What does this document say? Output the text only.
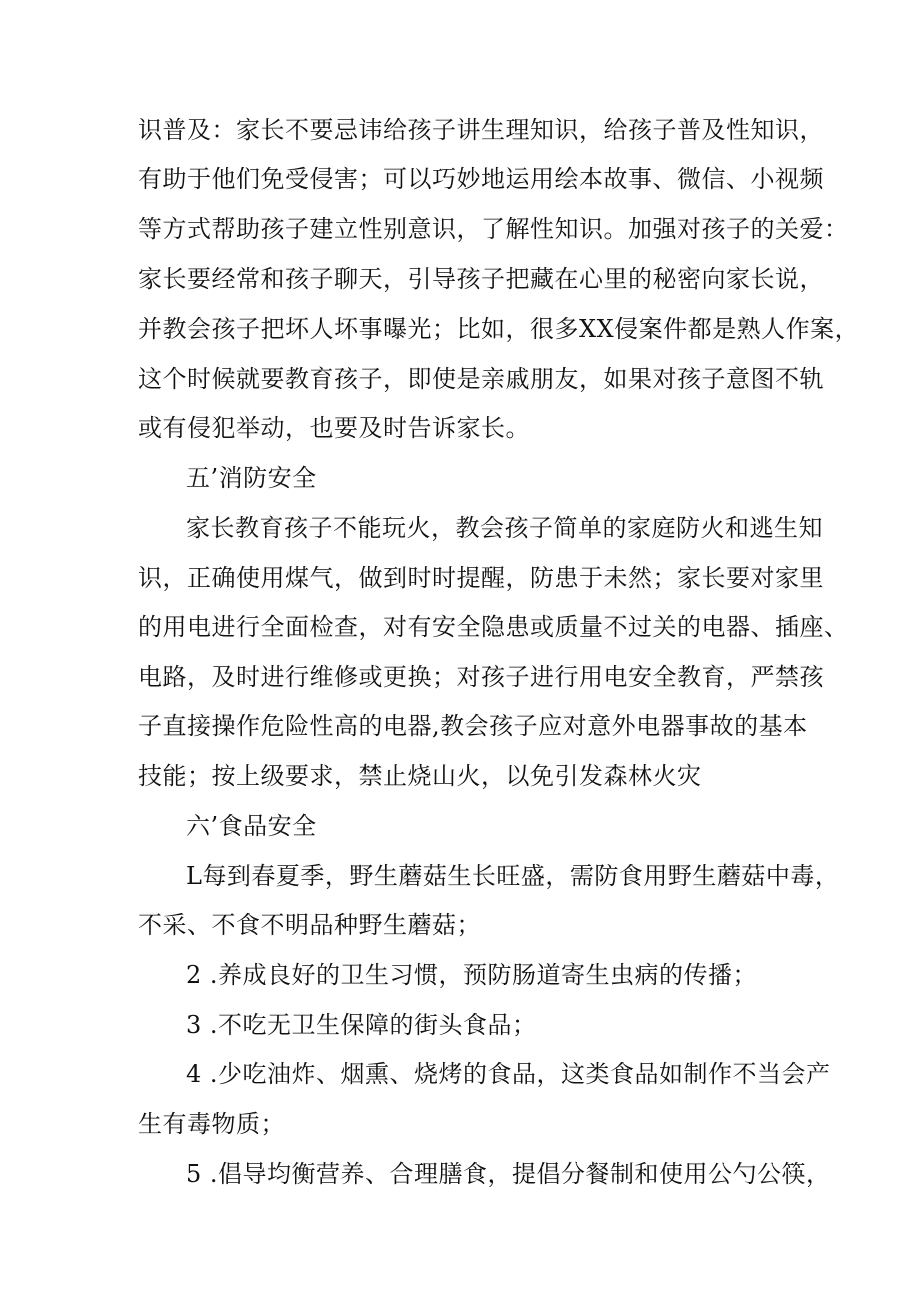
识普及：家长不要忌讳给孩子讲生理知识，给孩子普及性知识，
有助于他们免受侵害；可以巧妙地运用绘本故事、微信、小视频
等方式帮助孩子建立性别意识，了解性知识。加强对孩子的关爱：
家长要经常和孩子聊天，引导孩子把藏在心里的秘密向家长说，
并教会孩子把坏人坏事曝光；比如，很多XX侵案件都是熟人作案，
这个时候就要教育孩子，即使是亲戚朋友，如果对孩子意图不轨
或有侵犯举动，也要及时告诉家长。
五’消防安全
家长教育孩子不能玩火，教会孩子简单的家庭防火和逃生知
识，正确使用煤气，做到时时提醒，防患于未然；家长要对家里
的用电进行全面检查，对有安全隐患或质量不过关的电器、插座、
电路，及时进行维修或更换；对孩子进行用电安全教育，严禁孩
子直接操作危险性高的电器,教会孩子应对意外电器事故的基本
技能；按上级要求，禁止烧山火，以免引发森林火灾
六’食品安全
L每到春夏季，野生蘑菇生长旺盛，需防食用野生蘑菇中毒，
不采、不食不明品种野生蘑菇；
2 .养成良好的卫生习惯，预防肠道寄生虫病的传播；
3 .不吃无卫生保障的街头食品；
4 .少吃油炸、烟熏、烧烤的食品，这类食品如制作不当会产
生有毒物质；
5 .倡导均衡营养、合理膳食，提倡分餐制和使用公勺公筷，
